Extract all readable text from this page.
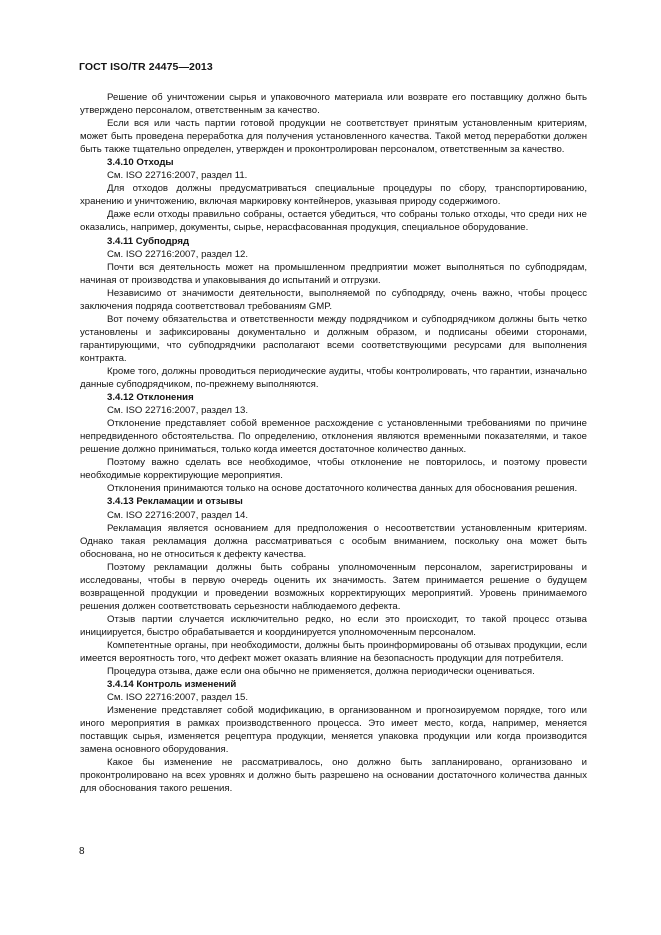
ГОСТ ISO/TR 24475—2013

Решение об уничтожении сырья и упаковочного материала или возврате его поставщику должно быть утверждено персоналом, ответственным за качество.

Если вся или часть партии готовой продукции не соответствует принятым установленным критериям, может быть проведена переработка для получения установленного качества. Такой метод переработки должен быть также тщательно определен, утвержден и проконтролирован персоналом, ответственным за качество.

3.4.10 Отходы

См. ISO 22716:2007, раздел 11.

Для отходов должны предусматриваться специальные процедуры по сбору, транспортированию, хранению и уничтожению, включая маркировку контейнеров, указывая природу содержимого.

Даже если отходы правильно собраны, остается убедиться, что собраны только отходы, что среди них не оказались, например, документы, сырье, нерасфасованная продукция, специальное оборудование.

3.4.11 Субподряд

См. ISO 22716:2007, раздел 12.

Почти вся деятельность может на промышленном предприятии может выполняться по субподрядам, начиная от производства и упаковывания до испытаний и отгрузки.

Независимо от значимости деятельности, выполняемой по субподряду, очень важно, чтобы процесс заключения подряда соответствовал требованиям GMP.

Вот почему обязательства и ответственности между подрядчиком и субподрядчиком должны быть четко установлены и зафиксированы документально и должным образом, и подписаны обеими сторонами, гарантирующими, что субподрядчики располагают всеми соответствующими ресурсами для выполнения контракта.

Кроме того, должны проводиться периодические аудиты, чтобы контролировать, что гарантии, изначально данные субподрядчиком, по-прежнему выполняются.

3.4.12 Отклонения

См. ISO 22716:2007, раздел 13.

Отклонение представляет собой временное расхождение с установленными требованиями по причине непредвиденного обстоятельства. По определению, отклонения являются временными показателями, и такое решение должно приниматься, только когда имеется достаточное количество данных.

Поэтому важно сделать все необходимое, чтобы отклонение не повторилось, и поэтому провести необходимые корректирующие мероприятия.

Отклонения принимаются только на основе достаточного количества данных для обоснования решения.

3.4.13 Рекламации и отзывы

См. ISO 22716:2007, раздел 14.

Рекламация является основанием для предположения о несоответствии установленным критериям. Однако такая рекламация должна рассматриваться с особым вниманием, поскольку она может быть обоснована, но не относиться к дефекту качества.

Поэтому рекламации должны быть собраны уполномоченным персоналом, зарегистрированы и исследованы, чтобы в первую очередь оценить их значимость. Затем принимается решение о будущем возвращенной продукции и проведении возможных корректирующих мероприятий. Уровень принимаемого решения должен соответствовать серьезности наблюдаемого дефекта.

Отзыв партии случается исключительно редко, но если это происходит, то такой процесс отзыва инициируется, быстро обрабатывается и координируется уполномоченным персоналом.

Компетентные органы, при необходимости, должны быть проинформированы об отзывах продукции, если имеется вероятность того, что дефект может оказать влияние на безопасность продукции для потребителя.

Процедура отзыва, даже если она обычно не применяется, должна периодически оцениваться.

3.4.14 Контроль изменений

См. ISO 22716:2007, раздел 15.

Изменение представляет собой модификацию, в организованном и прогнозируемом порядке, того или иного мероприятия в рамках производственного процесса. Это имеет место, когда, например, меняется поставщик сырья, изменяется рецептура продукции, меняется упаковка продукции или когда производится замена основного оборудования.

Какое бы изменение не рассматривалось, оно должно быть запланировано, организовано и проконтролировано на всех уровнях и должно быть разрешено на основании достаточного количества данных для обоснования такого решения.

8
